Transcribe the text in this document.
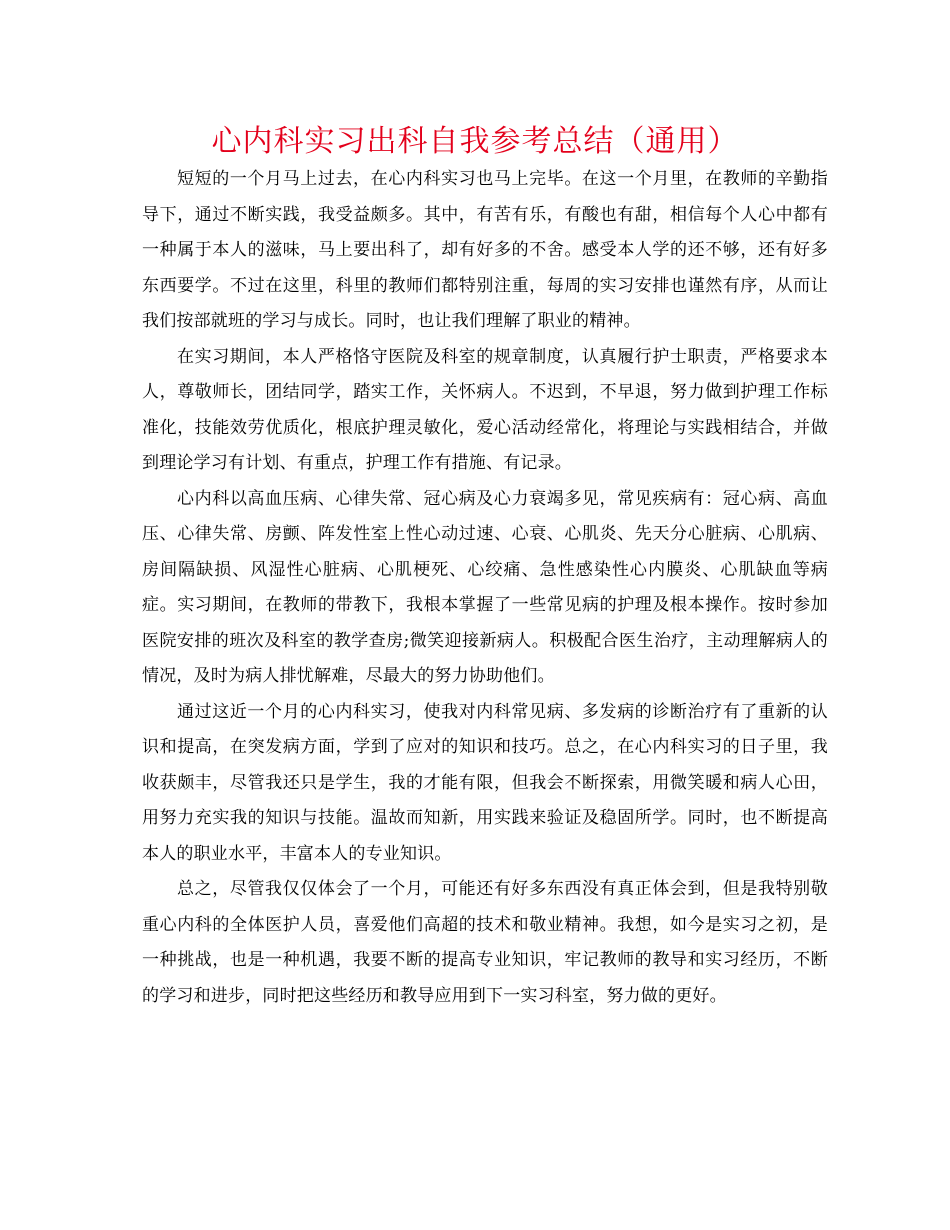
心内科实习出科自我参考总结（通用）

短短的一个月马上过去，在心内科实习也马上完毕。在这一个月里，在教师的辛勤指导下，通过不断实践，我受益颇多。其中，有苦有乐，有酸也有甜，相信每个人心中都有一种属于本人的滋味，马上要出科了，却有好多的不舍。感受本人学的还不够，还有好多东西要学。不过在这里，科里的教师们都特别注重，每周的实习安排也谨然有序，从而让我们按部就班的学习与成长。同时，也让我们理解了职业的精神。

在实习期间，本人严格恪守医院及科室的规章制度，认真履行护士职责，严格要求本人，尊敬师长，团结同学，踏实工作，关怀病人。不迟到，不早退，努力做到护理工作标准化，技能效劳优质化，根底护理灵敏化，爱心活动经常化，将理论与实践相结合，并做到理论学习有计划、有重点，护理工作有措施、有记录。

心内科以高血压病、心律失常、冠心病及心力衰竭多见，常见疾病有：冠心病、高血压、心律失常、房颤、阵发性室上性心动过速、心衰、心肌炎、先天分心脏病、心肌病、房间隔缺损、风湿性心脏病、心肌梗死、心绞痛、急性感染性心内膜炎、心肌缺血等病症。实习期间，在教师的带教下，我根本掌握了一些常见病的护理及根本操作。按时参加医院安排的班次及科室的教学查房;微笑迎接新病人。积极配合医生治疗，主动理解病人的情况，及时为病人排忧解难，尽最大的努力协助他们。

通过这近一个月的心内科实习，使我对内科常见病、多发病的诊断治疗有了重新的认识和提高，在突发病方面，学到了应对的知识和技巧。总之，在心内科实习的日子里，我收获颇丰，尽管我还只是学生，我的才能有限，但我会不断探索，用微笑暖和病人心田，用努力充实我的知识与技能。温故而知新，用实践来验证及稳固所学。同时，也不断提高本人的职业水平，丰富本人的专业知识。

总之，尽管我仅仅体会了一个月，可能还有好多东西没有真正体会到，但是我特别敬重心内科的全体医护人员，喜爱他们高超的技术和敬业精神。我想，如今是实习之初，是一种挑战，也是一种机遇，我要不断的提高专业知识，牢记教师的教导和实习经历，不断的学习和进步，同时把这些经历和教导应用到下一实习科室，努力做的更好。
